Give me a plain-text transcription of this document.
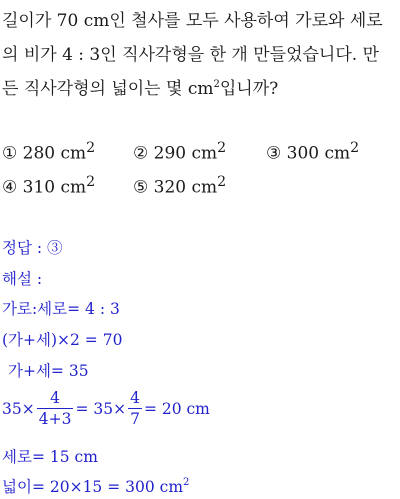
길이가 70 cm인 철사를 모두 사용하여 가로와 세로
의 비가 4 : 3인 직사각형을 한 개 만들었습니다. 만
든 직사각형의 넓이는 몇 $cm^2$입니까?
① 280 $cm^2$ ② 290 $cm^2$ ③ 300 $cm^2$
④ 310 $cm^2$ ⑤ 320 $cm^2$
정답 : ③
해설 :
가로:세로= 4 : 3
(가+세)×2 = 70
가+세= 35
$35\times \frac{4}{4+3} = 35\times \frac{4}{7} = 20$ cm
세로= 15 cm
넓이= 20×15 = 300 $cm^2$
